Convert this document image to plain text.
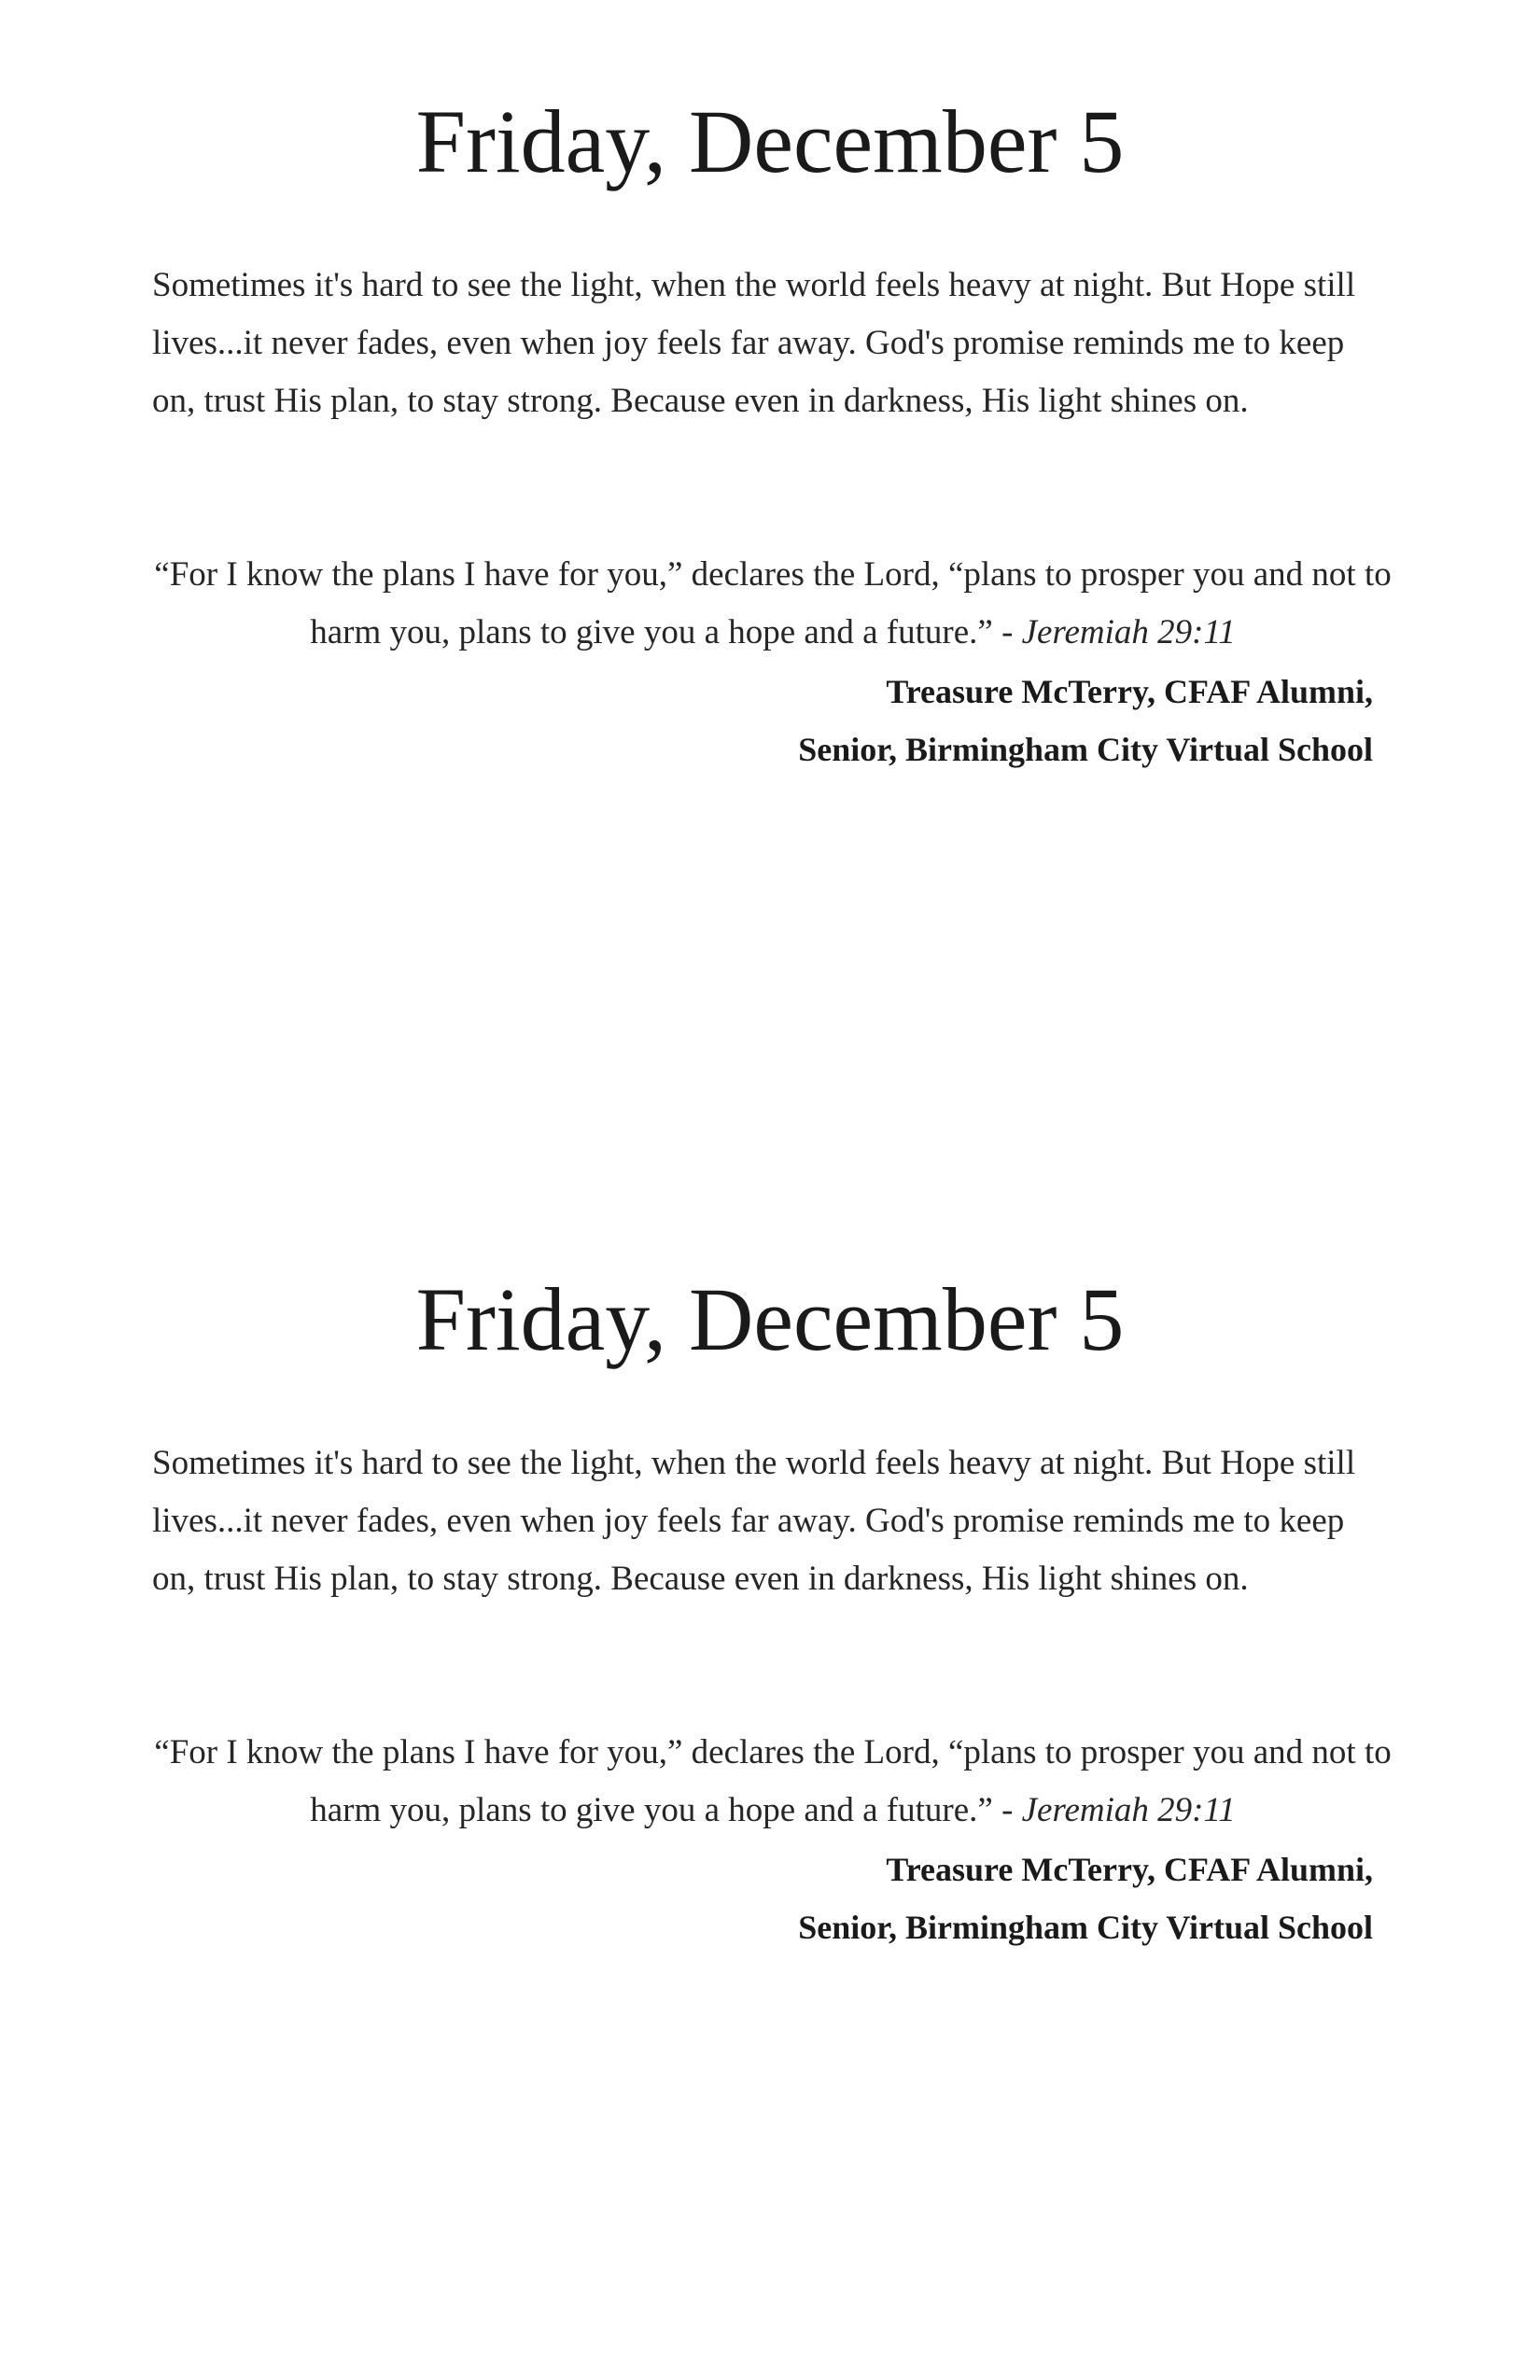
Friday, December 5

Sometimes it's hard to see the light, when the world feels heavy at night. But Hope still lives...it never fades, even when joy feels far away. God's promise reminds me to keep on, trust His plan, to stay strong. Because even in darkness, His light shines on.

“For I know the plans I have for you,” declares the Lord, “plans to prosper you and not to harm you, plans to give you a hope and a future.” - Jeremiah 29:11

Treasure McTerry, CFAF Alumni,
Senior, Birmingham City Virtual School

Friday, December 5

Sometimes it's hard to see the light, when the world feels heavy at night. But Hope still lives...it never fades, even when joy feels far away. God's promise reminds me to keep on, trust His plan, to stay strong. Because even in darkness, His light shines on.

“For I know the plans I have for you,” declares the Lord, “plans to prosper you and not to harm you, plans to give you a hope and a future.” - Jeremiah 29:11

Treasure McTerry, CFAF Alumni,
Senior, Birmingham City Virtual School
